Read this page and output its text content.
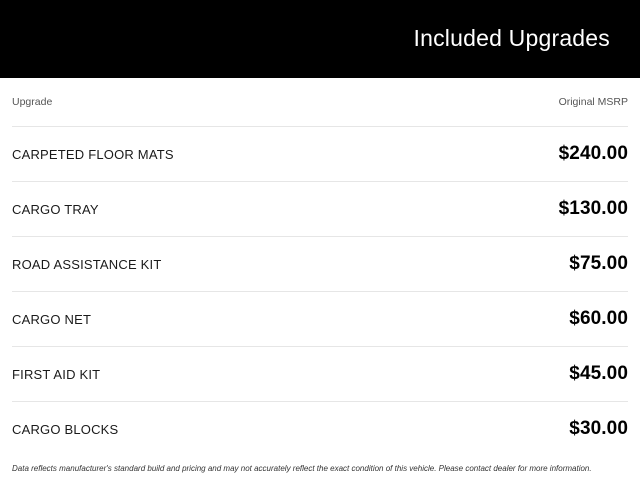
Included Upgrades
Upgrade	Original MSRP
CARPETED FLOOR MATS	$240.00
CARGO TRAY	$130.00
ROAD ASSISTANCE KIT	$75.00
CARGO NET	$60.00
FIRST AID KIT	$45.00
CARGO BLOCKS	$30.00
Data reflects manufacturer's standard build and pricing and may not accurately reflect the exact condition of this vehicle. Please contact dealer for more information.
